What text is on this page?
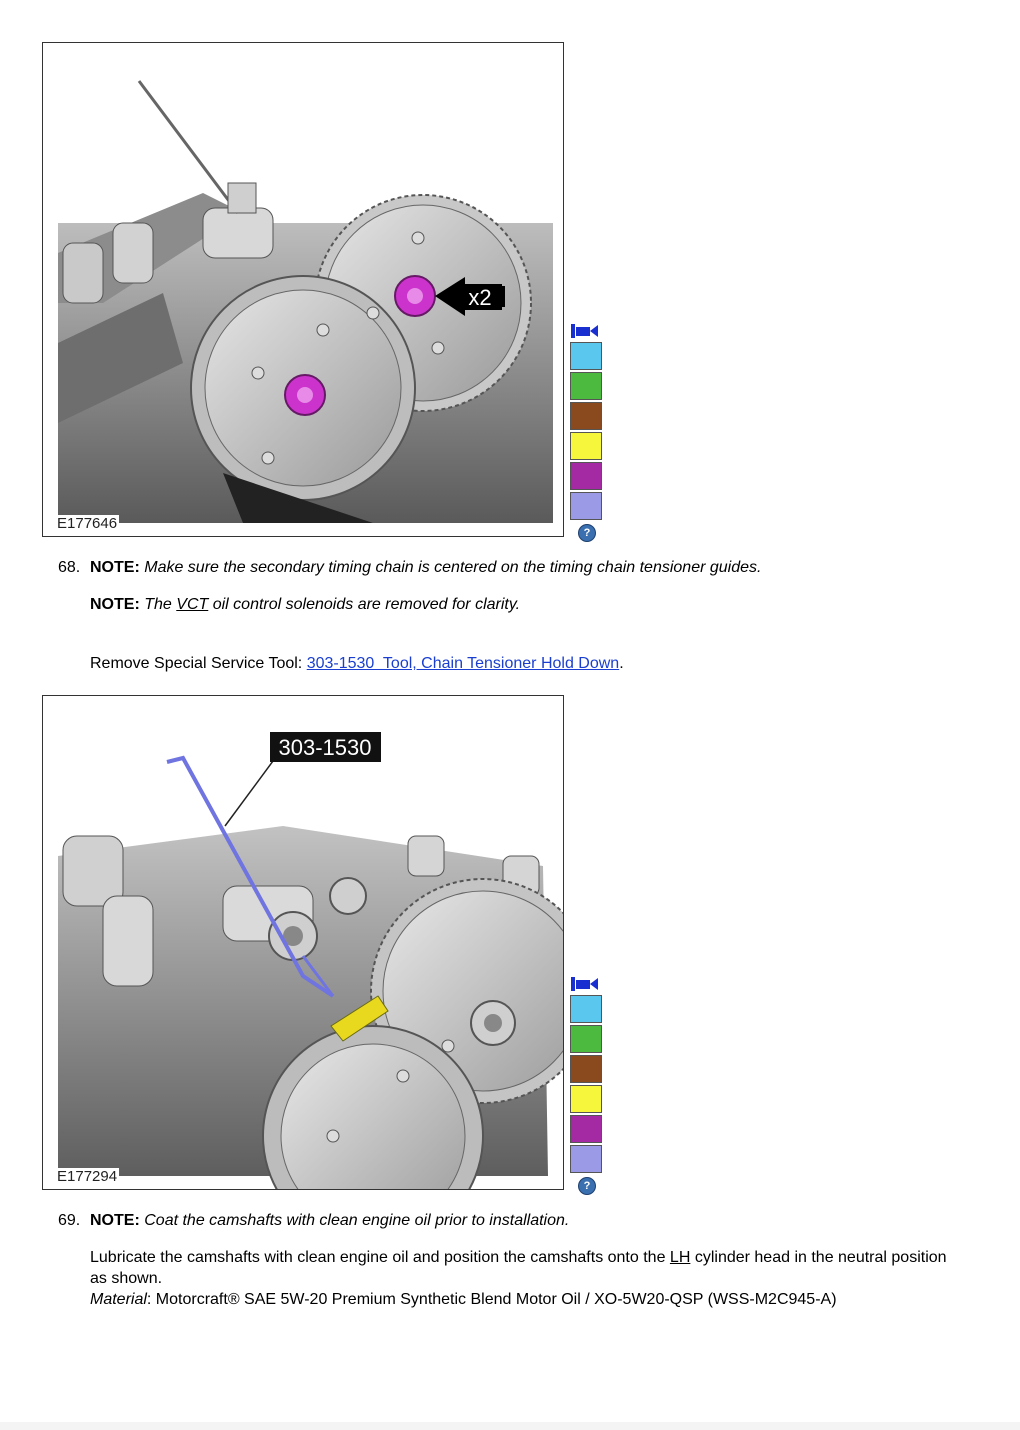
x2
E177646
?
68. NOTE: Make sure the secondary timing chain is centered on the timing chain tensioner guides.

NOTE: The VCT oil control solenoids are removed for clarity.

Remove Special Service Tool: 303-1530  Tool, Chain Tensioner Hold Down.

303-1530
E177294
?
69. NOTE: Coat the camshafts with clean engine oil prior to installation.

Lubricate the camshafts with clean engine oil and position the camshafts onto the LH cylinder head in the neutral position as shown.

Material: Motorcraft® SAE 5W-20 Premium Synthetic Blend Motor Oil / XO-5W20-QSP (WSS-M2C945-A)
